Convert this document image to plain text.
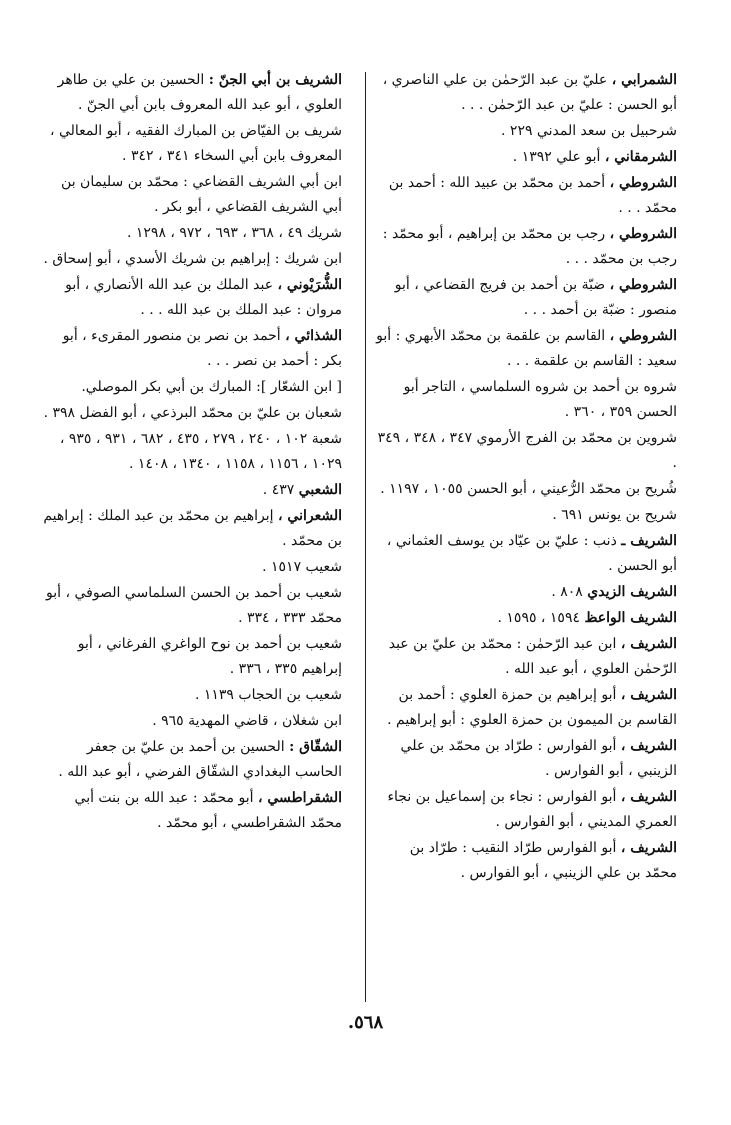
الشمرابي ، عليّ بن عبد الرّحمٰن بن علي الناصري ، أبو الحسن : عليّ بن عبد الرّحمٰن . . .
شرحبيل بن سعد المدني ٢٢٩ .
الشرمقاني ، أبو علي ١٣٩٢ .
الشروطي ، أحمد بن محمّد بن عبيد الله : أحمد بن محمّد . . .
الشروطي ، رجب بن محمّد بن إبراهيم ، أبو محمّد : رجب بن محمّد . . .
الشروطي ، ضبّة بن أحمد بن فريج القضاعي ، أبو منصور : ضبّة بن أحمد . . .
الشروطي ، القاسم بن علقمة بن محمّد الأبهري : أبو سعيد : القاسم بن علقمة . . .
شروه بن أحمد بن شروه السلماسي ، التاجر أبو الحسن ٣٥٩ ، ٣٦٠ .
شروين بن محمّد بن الفرج الأرموي ٣٤٧ ، ٣٤٨ ، ٣٤٩ .
شُريح بن محمّد الرُّعيني ، أبو الحسن ١٠٥٥ ، ١١٩٧ .
شريح بن يونس ٦٩١ .
الشريف ـ ذنب : عليّ بن عيّاد بن يوسف العثماني ، أبو الحسن .
الشريف الزيدي ٨٠٨ .
الشريف الواعظ ١٥٩٤ ، ١٥٩٥ .
الشريف ، ابن عبد الرّحمٰن : محمّد بن عليّ بن عبد الرّحمٰن العلوي ، أبو عبد الله .
الشريف ، أبو إبراهيم بن حمزة العلوي : أحمد بن القاسم بن الميمون بن حمزة العلوي : أبو إبراهيم .
الشريف ، أبو الفوارس : طرّاد بن محمّد بن علي الزينبي ، أبو الفوارس .
الشريف ، أبو الفوارس : نجاء بن إسماعيل بن نجاء العمري المديني ، أبو الفوارس .
الشريف ، أبو الفوارس طرّاد النقيب : طرّاد بن محمّد بن علي الزينبي ، أبو الفوارس .
الشريف بن أبي الجنّ : الحسين بن علي بن طاهر العلوي ، أبو عبد الله المعروف بابن أبي الجنّ .
شريف بن الفيّاض بن المبارك الفقيه ، أبو المعالي ، المعروف بابن أبي السخاء ٣٤١ ، ٣٤٢ .
ابن أبي الشريف القضاعي : محمّد بن سليمان بن أبي الشريف القضاعي ، أبو بكر .
شريك ٤٩ ، ٣٦٨ ، ٦٩٣ ، ٩٧٢ ، ١٢٩٨ .
ابن شريك : إبراهيم بن شريك الأسدي ، أبو إسحاق .
الشُّرَيْوني ، عبد الملك بن عبد الله الأنصاري ، أبو مروان : عبد الملك بن عبد الله . . .
الشذائي ، أحمد بن نصر بن منصور المقرىء ، أبو بكر : أحمد بن نصر . . .
[ ابن الشعّار ]: المبارك بن أبي بكر الموصلي.
شعبان بن عليّ بن محمّد البرذعي ، أبو الفضل ٣٩٨ .
شعبة ١٠٢ ، ٢٤٠ ، ٢٧٩ ، ٤٣٥ ، ٦٨٢ ، ٩٣١ ، ٩٣٥ ، ١٠٢٩ ، ١١٥٦ ، ١١٥٨ ، ١٣٤٠ ، ١٤٠٨ .
الشعبي ٤٣٧ .
الشعراني ، إبراهيم بن محمّد بن عبد الملك : إبراهيم بن محمّد .
شعيب ١٥١٧ .
شعيب بن أحمد بن الحسن السلماسي الصوفي ، أبو محمّد ٣٣٣ ، ٣٣٤ .
شعيب بن أحمد بن نوح الواغري الفرغاني ، أبو إبراهيم ٣٣٥ ، ٣٣٦ .
شعيب بن الحجاب ١١٣٩ .
ابن شغلان ، قاضي المهدية ٩٦٥ .
الشقّاق : الحسين بن أحمد بن عليّ بن جعفر الحاسب البغدادي الشقّاق الفرضي ، أبو عبد الله .
الشقراطسي ، أبو محمّد : عبد الله بن بنت أبي محمّد الشقراطسي ، أبو محمّد .
٥٦٨.
